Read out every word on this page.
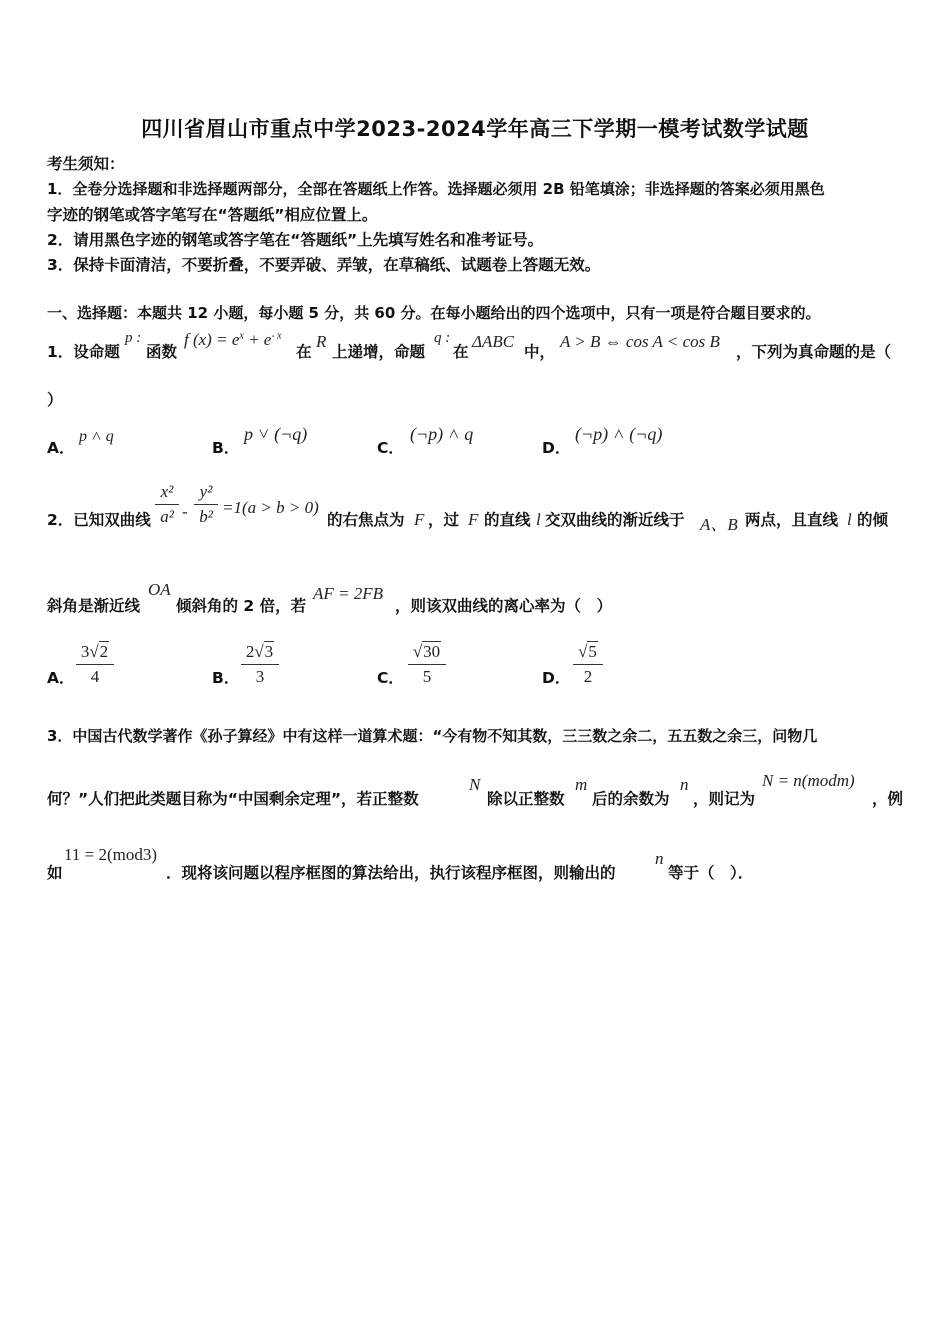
四川省眉山市重点中学2023-2024学年高三下学期一模考试数学试题
考生须知：
1．全卷分选择题和非选择题两部分，全部在答题纸上作答。选择题必须用 2B 铅笔填涂；非选择题的答案必须用黑色
字迹的钢笔或答字笔写在“答题纸”相应位置上。
2．请用黑色字迹的钢笔或答字笔在“答题纸”上先填写姓名和准考证号。
3．保持卡面清洁，不要折叠，不要弄破、弄皱，在草稿纸、试题卷上答题无效。
一、选择题：本题共 12 小题，每小题 5 分，共 60 分。在每小题给出的四个选项中，只有一项是符合题目要求的。
1．设命题
p :
函数
f $(x) = e^x + e^{- x}$
在
R
上递增，命题
q :
在
ΔABC
中，
A > B ⇔ cos A < cos B
，下列为真命题的是（
）
A．
p ˄ q
B．
p ˅ (¬q)
C．
(¬p) ˄ q
D．
(¬p) ˄ (¬q)
2．已知双曲线
x²
a² -
y²
b² =1(a > b > 0)
的右焦点为 F ，过 F 的直线 l 交双曲线的渐近线于 A、B 两点，且直线 l 的倾
斜角是渐近线
OA
倾斜角的 2 倍，若
AF = 2FB
，则该双曲线的离心率为（　）
A．
3√2
4	B．
2√3
3	C．
√30
5	D．
√5
2
3．中国古代数学著作《孙子算经》中有这样一道算术题：“今有物不知其数，三三数之余二，五五数之余三，问物几
何？”人们把此类题目称为“中国剩余定理”，若正整数
N
除以正整数
m
后的余数为
n
，则记为
N = n(modm)
，例
如
11 = 2(mod3)
．现将该问题以程序框图的算法给出，执行该程序框图，则输出的
n
等于（　）．
